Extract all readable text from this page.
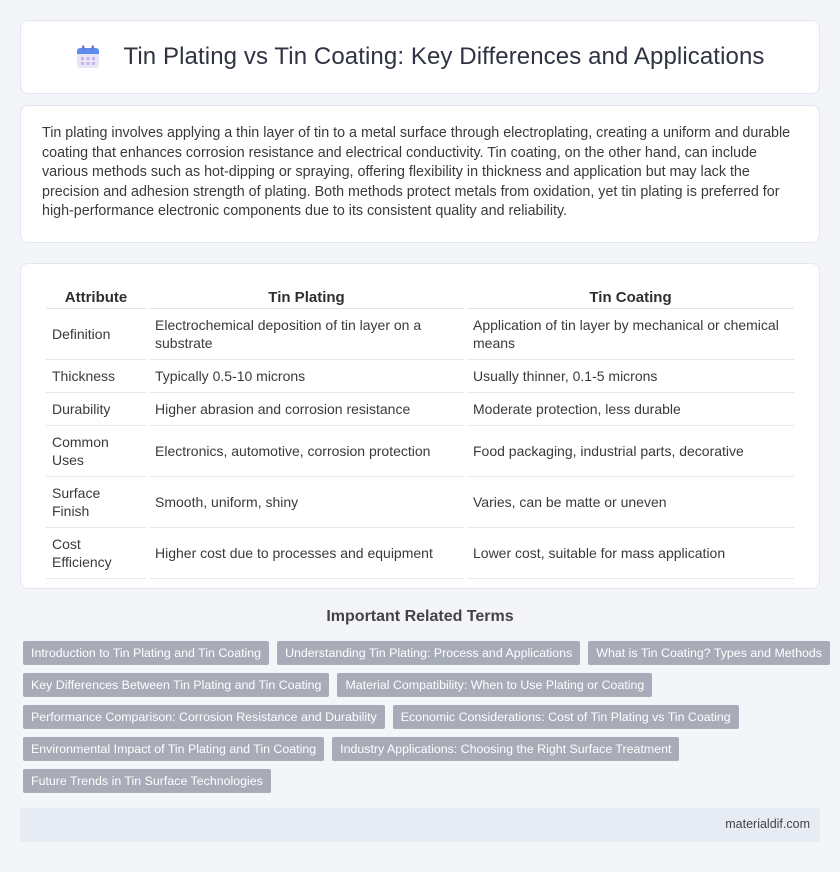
Tin Plating vs Tin Coating: Key Differences and Applications

Tin plating involves applying a thin layer of tin to a metal surface through electroplating, creating a uniform and durable coating that enhances corrosion resistance and electrical conductivity. Tin coating, on the other hand, can include various methods such as hot-dipping or spraying, offering flexibility in thickness and application but may lack the precision and adhesion strength of plating. Both methods protect metals from oxidation, yet tin plating is preferred for high-performance electronic components due to its consistent quality and reliability.

Attribute	Tin Plating	Tin Coating
Definition	Electrochemical deposition of tin layer on a substrate	Application of tin layer by mechanical or chemical means
Thickness	Typically 0.5-10 microns	Usually thinner, 0.1-5 microns
Durability	Higher abrasion and corrosion resistance	Moderate protection, less durable
Common Uses	Electronics, automotive, corrosion protection	Food packaging, industrial parts, decorative
Surface Finish	Smooth, uniform, shiny	Varies, can be matte or uneven
Cost Efficiency	Higher cost due to processes and equipment	Lower cost, suitable for mass application
Important Related Terms
Introduction to Tin Plating and Tin Coating	Understanding Tin Plating: Process and Applications	What is Tin Coating? Types and Methods
Key Differences Between Tin Plating and Tin Coating	Material Compatibility: When to Use Plating or Coating
Performance Comparison: Corrosion Resistance and Durability	Economic Considerations: Cost of Tin Plating vs Tin Coating
Environmental Impact of Tin Plating and Tin Coating	Industry Applications: Choosing the Right Surface Treatment
Future Trends in Tin Surface Technologies
materialdif.com
